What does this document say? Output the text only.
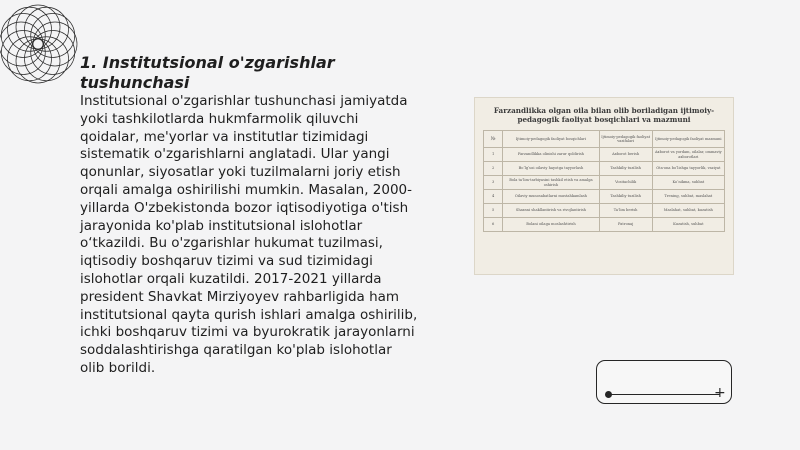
1. Institutsional o'zgarishlar tushunchasi

Institutsional o'zgarishlar tushunchasi jamiyatda yoki tashkilotlarda hukmfarmolik qiluvchi qoidalar, me'yorlar va institutlar tizimidagi sistematik o'zgarishlarni anglatadi. Ular yangi qonunlar, siyosatlar yoki tuzilmalarni joriy etish orqali amalga oshirilishi mumkin. Masalan, 2000-yillarda O'zbekistonda bozor iqtisodiyotiga o'tish jarayonida ko'plab institutsional islohotlar o‘tkazildi. Bu o'zgarishlar hukumat tuzilmasi, iqtisodiy boshqaruv tizimi va sud tizimidagi islohotlar orqali kuzatildi. 2017-2021 yillarda president Shavkat Mirziyoyev rahbarligida ham institutsional qayta qurish ishlari amalga oshirilib, ichki boshqaruv tizimi va byurokratik jarayonlarni soddalashtirishga qaratilgan ko'plab islohotlar olib borildi.

Farzandlikka olgan oila bilan olib boriladigan ijtimoiy-pedagogik faoliyat bosqichlari va mazmuni
№	Ijtimoiy-pedagogik faoliyat bosqichlari	Ijtimoiy-pedagogik faoliyat vazifalari	Ijtimoiy-pedagogik faoliyat mazmuni
1	Farzandlikka olinishi zarur qoldirish	Axborot berish	Axborot va yordam, oilalar, ommaviy axborotlari
2	Bo‘lg‘usi oilaviy hayotga tayyorlash	Tashkiliy tuzilish	Ota-ona bo‘lishga tayyorlik, vaziyat
3	Bola ta’lim-tarbiyasini tashkil etish va amalga oshirish	Vositachilik	Ko‘nikma, suhbat
4	Oilaviy munosabatlarni mustahkamlash	Tashkiliy tuzilish	Trening, suhbat, maslahat
5	Shaxsni shakllantirish va rivojlantirish	Ta’lim berish	Maslahat, suhbat, kuzatish
6	Bolani oilaga moslashtirish	Patronaj	Kuzatish, suhbat
+
